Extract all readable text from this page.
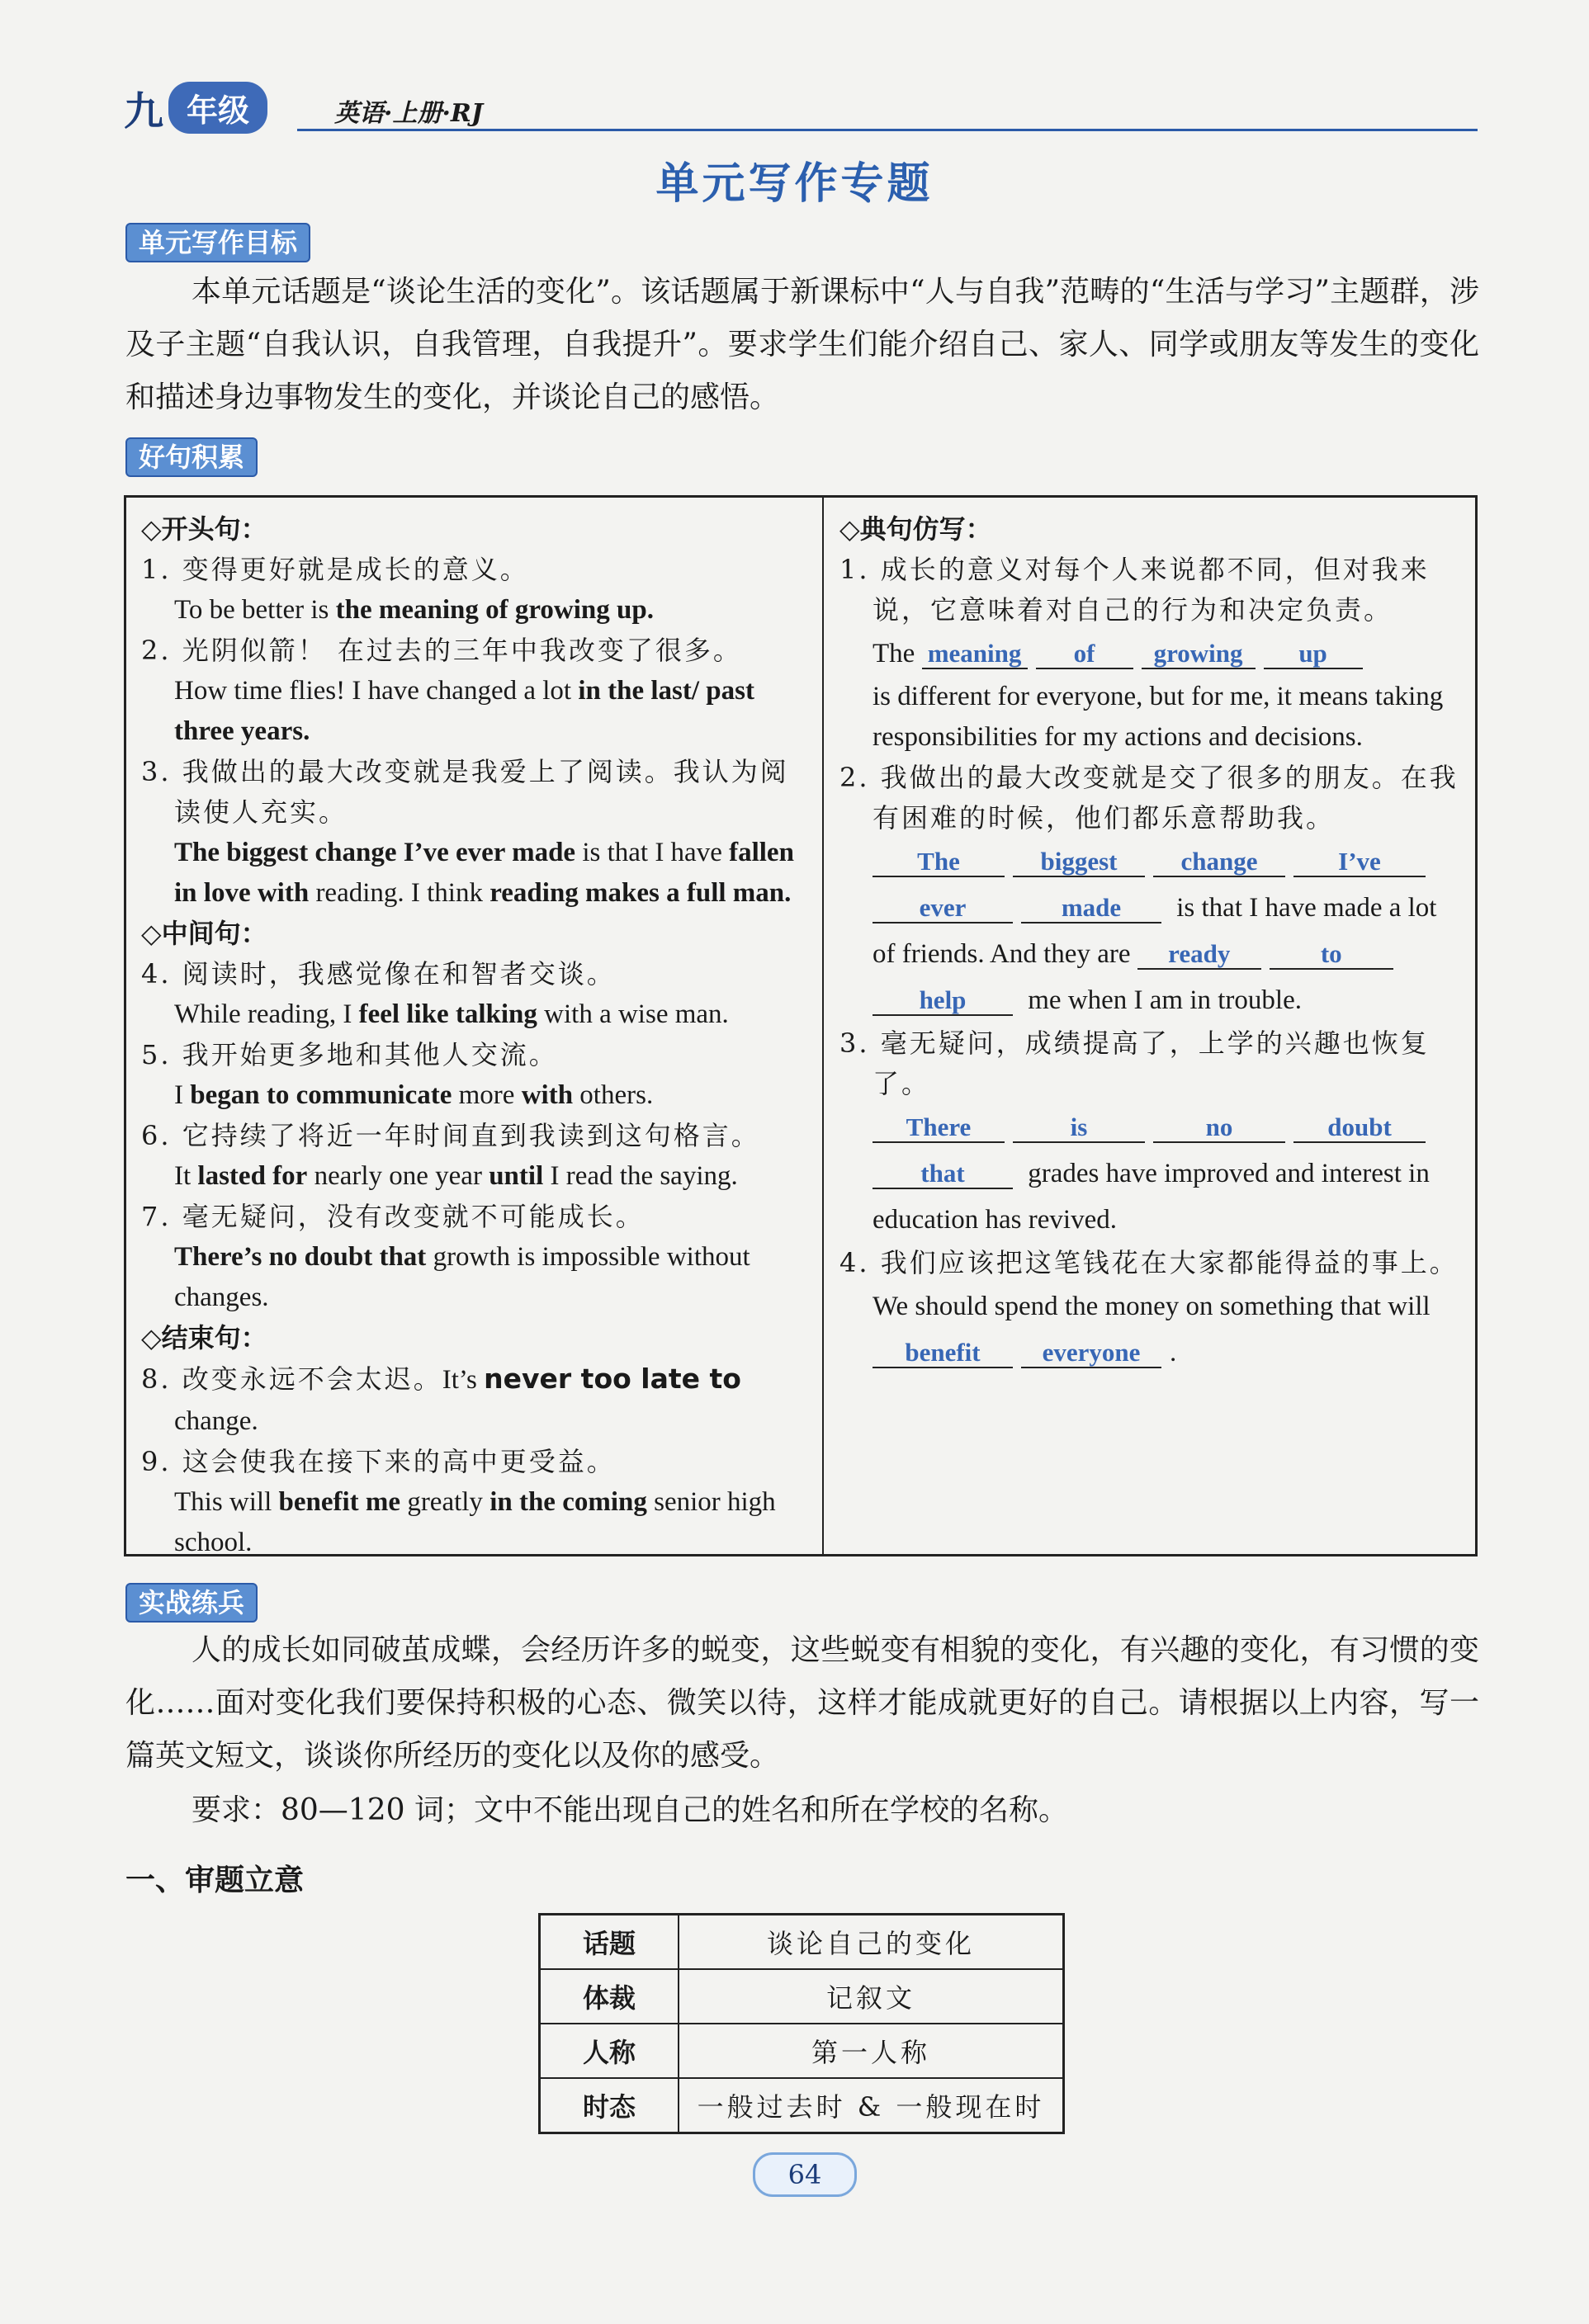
九 年级	英语·上册·RJ
单元写作专题
单元写作目标

本单元话题是“谈论生活的变化”。该话题属于新课标中“人与自我”范畴的“生活与学习”主题群，涉及子主题“自我认识，自我管理，自我提升”。要求学生们能介绍自己、家人、同学或朋友等发生的变化和描述身边事物发生的变化，并谈论自己的感悟。

好句积累
◇开头句：
1. 变得更好就是成长的意义。
To be better is the meaning of growing up.
2. 光阴似箭！ 在过去的三年中我改变了很多。
How time flies! I have changed a lot in the last/ past three years.
3. 我做出的最大改变就是我爱上了阅读。我认为阅读使人充实。
The biggest change I’ve ever made is that I have fallen in love with reading. I think reading makes a full man.
◇中间句：
4. 阅读时，我感觉像在和智者交谈。
While reading, I feel like talking with a wise man.
5. 我开始更多地和其他人交流。
I began to communicate more with others.
6. 它持续了将近一年时间直到我读到这句格言。
It lasted for nearly one year until I read the saying.
7. 毫无疑问，没有改变就不可能成长。
There’s no doubt that growth is impossible without changes.
◇结束句：
8. 改变永远不会太迟。It’s never too late to change.
9. 这会使我在接下来的高中更受益。
This will benefit me greatly in the coming senior high school.
◇典句仿写：
1. 成长的意义对每个人来说都不同，但对我来说，它意味着对自己的行为和决定负责。
The meaning of growing up
is different for everyone, but for me, it means taking responsibilities for my actions and decisions.
2. 我做出的最大改变就是交了很多的朋友。在我有困难的时候，他们都乐意帮助我。
The	biggest change	I’ve
ever	made is that I have made a lot of friends. And they are ready	to
help me when I am in trouble.
3. 毫无疑问，成绩提高了，上学的兴趣也恢复了。
There	is	no	doubt
that grades have improved and interest in education has revived.
4. 我们应该把这笔钱花在大家都能得益的事上。
We should spend the money on something that will benefit everyone .
实战练兵

人的成长如同破茧成蝶，会经历许多的蜕变，这些蜕变有相貌的变化，有兴趣的变化，有习惯的变化……面对变化我们要保持积极的心态、微笑以待，这样才能成就更好的自己。请根据以上内容，写一篇英文短文，谈谈你所经历的变化以及你的感受。

要求：80—120 词；文中不能出现自己的姓名和所在学校的名称。

一、审题立意
话题	谈论自己的变化
体裁	记叙文
人称	第一人称
时态	一般过去时 & 一般现在时
64
